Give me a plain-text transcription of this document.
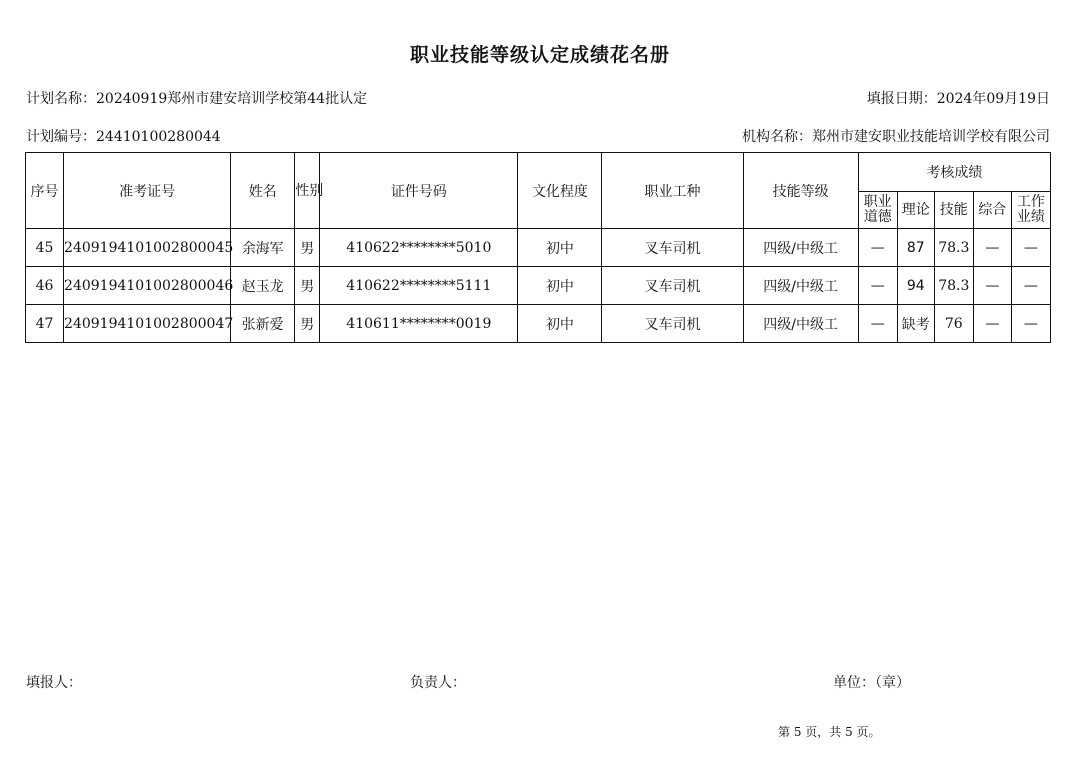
职业技能等级认定成绩花名册
计划名称：20240919郑州市建安培训学校第44批认定	填报日期：2024年09月19日
计划编号：24410100280044	机构名称：郑州市建安职业技能培训学校有限公司
序号	准考证号	姓名	性别	证件号码	文化程度	职业工种	技能等级	考核成绩				
								职业道德	理论	技能	综合	工作业绩
45	2409194101002800045	余海军	男	410622********5010	初中	叉车司机	四级/中级工	—	87	78.3	—	—
46	2409194101002800046	赵玉龙	男	410622********5111	初中	叉车司机	四级/中级工	—	94	78.3	—	—
47	2409194101002800047	张新爱	男	410611********0019	初中	叉车司机	四级/中级工	—	缺考	76	—	—
填报人：	负责人：	单位：（章）
第 5 页，共 5 页。
